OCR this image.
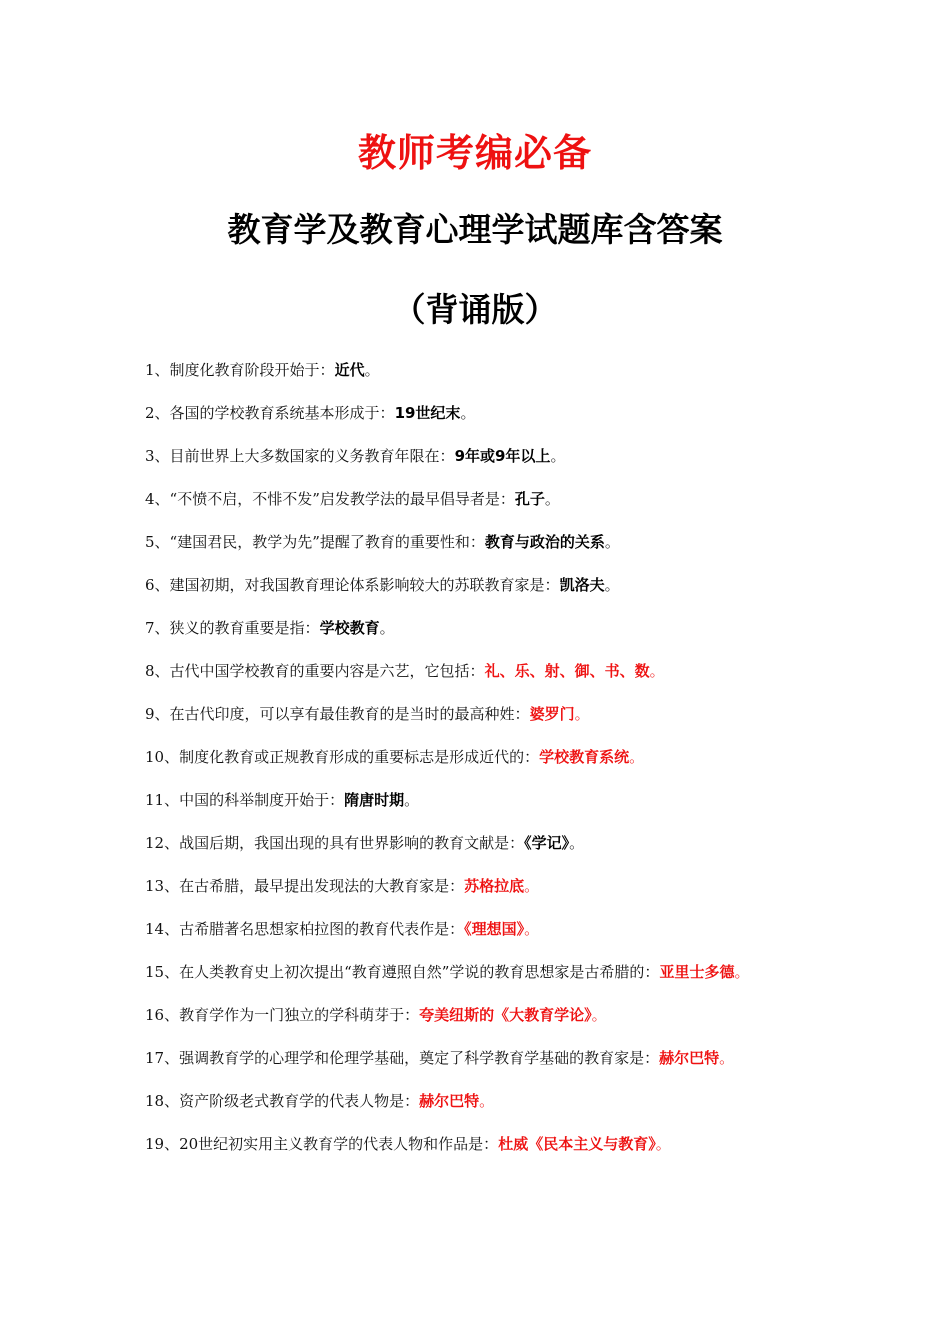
教师考编必备
教育学及教育心理学试题库含答案
（背诵版）
1、制度化教育阶段开始于：近代。
2、各国的学校教育系统基本形成于：19世纪末。
3、目前世界上大多数国家的义务教育年限在：9年或9年以上。
4、“不愤不启，不悱不发”启发教学法的最早倡导者是：孔子。
5、“建国君民，教学为先”提醒了教育的重要性和：教育与政治的关系。
6、建国初期，对我国教育理论体系影响较大的苏联教育家是：凯洛夫。
7、狭义的教育重要是指：学校教育。
8、古代中国学校教育的重要内容是六艺，它包括：礼、乐、射、御、书、数。
9、在古代印度，可以享有最佳教育的是当时的最高种姓：婆罗门。
10、制度化教育或正规教育形成的重要标志是形成近代的：学校教育系统。
11、中国的科举制度开始于：隋唐时期。
12、战国后期，我国出现的具有世界影响的教育文献是：《学记》。
13、在古希腊，最早提出发现法的大教育家是：苏格拉底。
14、古希腊著名思想家柏拉图的教育代表作是：《理想国》。
15、在人类教育史上初次提出“教育遵照自然”学说的教育思想家是古希腊的：亚里士多德。
16、教育学作为一门独立的学科萌芽于：夸美纽斯的《大教育学论》。
17、强调教育学的心理学和伦理学基础，奠定了科学教育学基础的教育家是：赫尔巴特。
18、资产阶级老式教育学的代表人物是：赫尔巴特。
19、20世纪初实用主义教育学的代表人物和作品是：杜威《民本主义与教育》。
